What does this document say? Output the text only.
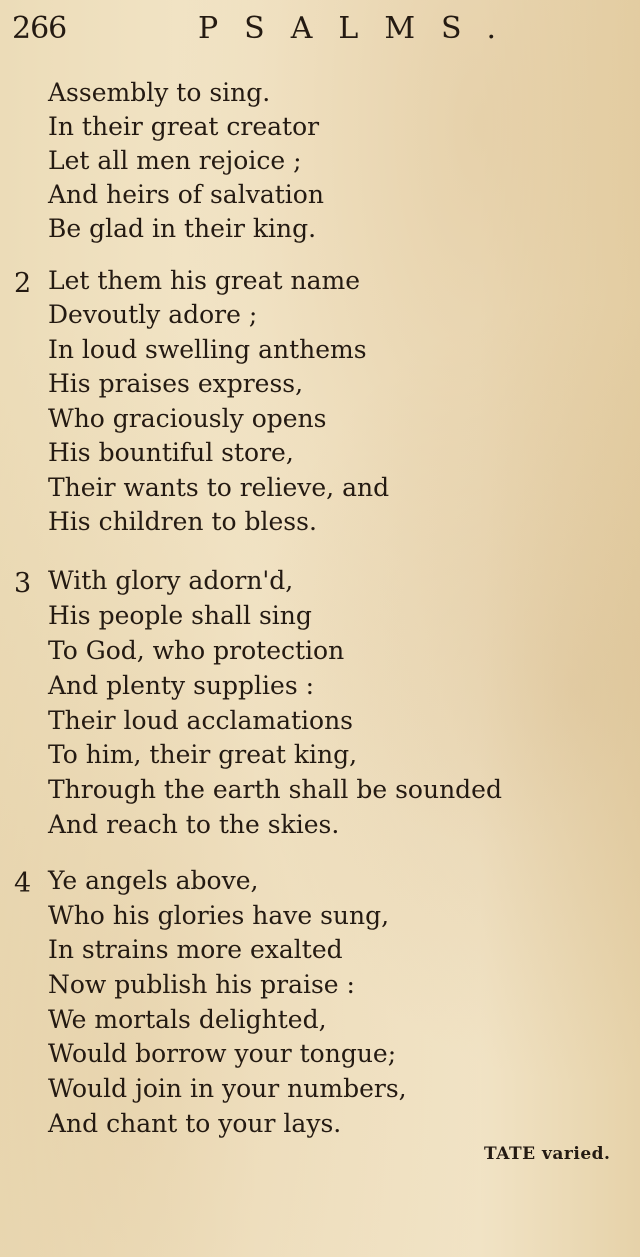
266	PSALMS.
Assembly to sing.
In their great creator
Let all men rejoice ;
And heirs of salvation
Be glad in their king.
2 Let them his great name
Devoutly adore ;
In loud swelling anthems
His praises express,
Who graciously opens
His bountiful store,
Their wants to relieve, and
His children to bless.
3 With glory adorn'd,
His people shall sing
To God, who protection
And plenty supplies :
Their loud acclamations
To him, their great king,
Through the earth shall be sounded
And reach to the skies.
4 Ye angels above,
Who his glories have sung,
In strains more exalted
Now publish his praise :
We mortals delighted,
Would borrow your tongue;
Would join in your numbers,
And chant to your lays.
TATE varied.
